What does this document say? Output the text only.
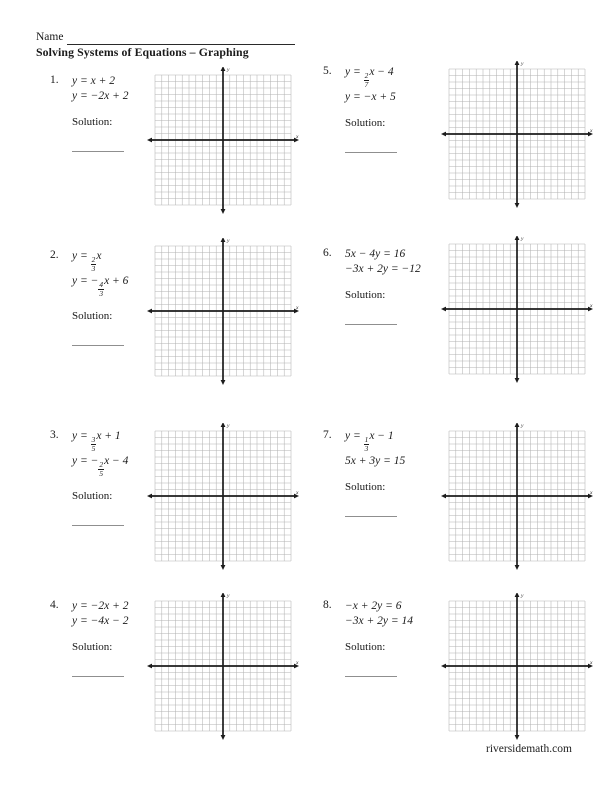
Name
Solving Systems of Equations – Graphing
1.	y = x + 2
y = −2x + 2
Solution:
y
x
2.	y =
$\frac{2}{3}$
x
y = −
$\frac{4}{3}$
x + 6
Solution:
y
x
3.	y =
$\frac{3}{5}$
x + 1
y = −
$\frac{2}{5}$
x − 4
Solution:
y
x
4.	y = −2x + 2
y = −4x − 2
Solution:
y
x
5.	y =
$\frac{2}{7}$
x − 4
y = −x + 5
Solution:
y
x
6.	5x − 4y = 16
−3x + 2y = −12
Solution:
y
x
7.	y =
$\frac{1}{3}$
x − 1
5x + 3y = 15
Solution:
y
x
8.	−x + 2y = 6
−3x + 2y = 14
Solution:
y
x
riversidemath.com
